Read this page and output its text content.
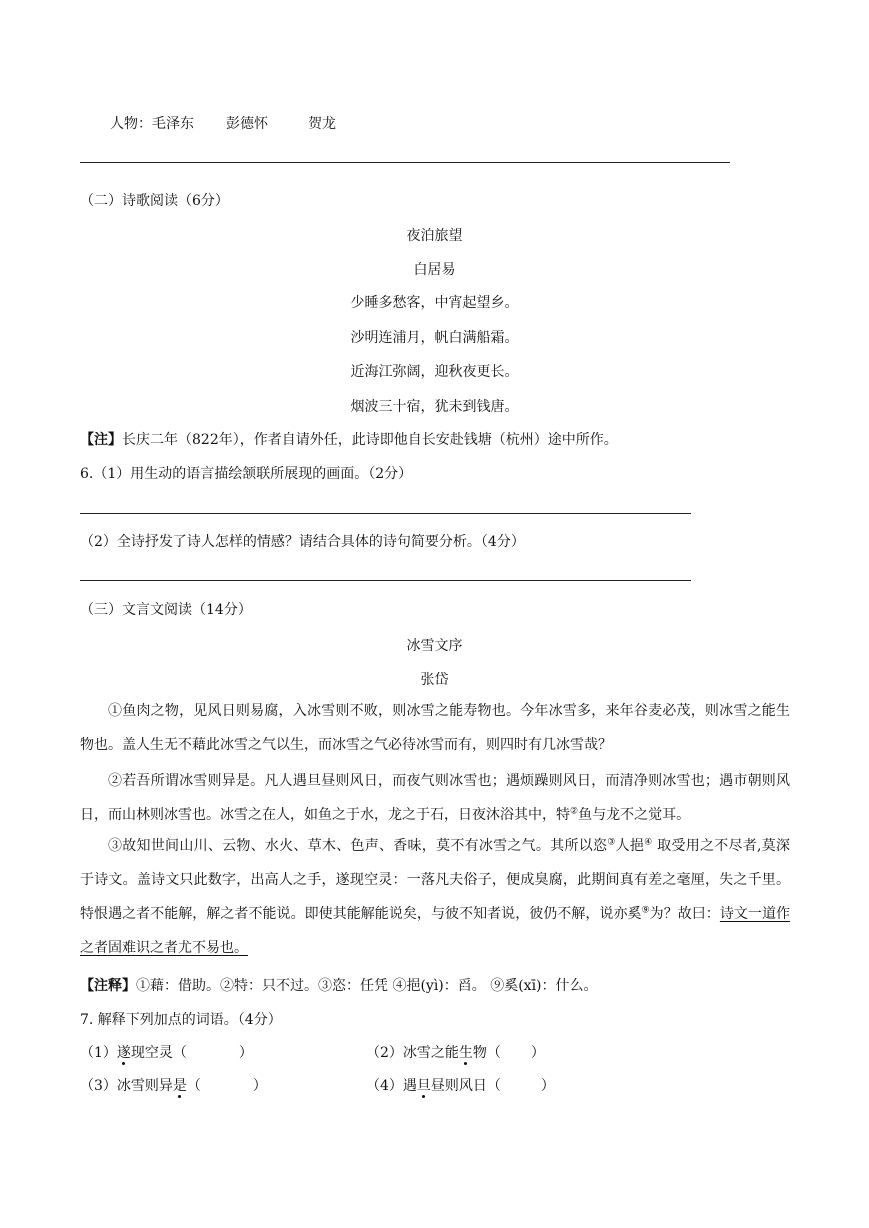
人物：毛泽东 彭德怀	贺龙
（二）诗歌阅读（6分）
夜泊旅望
白居易
少睡多愁客，中宵起望乡。
沙明连浦月，帆白满船霜。
近海江弥阔，迎秋夜更长。
烟波三十宿，犹未到钱唐。
【注】长庆二年（822年），作者自请外任，此诗即他自长安赴钱塘（杭州）途中所作。
6.（1）用生动的语言描绘颔联所展现的画面。（2分）
（2）全诗抒发了诗人怎样的情感？请结合具体的诗句简要分析。（4分）
（三）文言文阅读（14分）
冰雪文序
张岱
①鱼肉之物，见风日则易腐，入冰雪则不败，则冰雪之能寿物也。今年冰雪多，来年谷麦必茂，则冰雪之能生物也。盖人生无不藉此冰雪之气以生，而冰雪之气必待冰雪而有，则四时有几冰雪哉？
②若吾所谓冰雪则异是。凡人遇旦昼则风日，而夜气则冰雪也；遇烦躁则风日，而清净则冰雪也；遇市朝则风日，而山林则冰雪也。冰雪之在人，如鱼之于水，龙之于石，日夜沐浴其中，特②鱼与龙不之觉耳。
③故知世间山川、云物、水火、草木、色声、香味，莫不有冰雪之气。其所以恣③人挹④ 取受用之不尽者,莫深于诗文。盖诗文只此数字，出高人之手，遂现空灵：一落凡夫俗子，便成臭腐，此期间真有差之毫厘，失之千里。特恨遇之者不能解，解之者不能说。即使其能解能说矣，与彼不知者说，彼仍不解，说亦奚⑨为？故曰：诗文一道作之者固难识之者尤不易也。
【注释】①藉：借助。②特：只不过。③恣：任凭 ④挹(yì)：舀。 ⑨奚(xī)：什么。
7. 解释下列加点的词语。（4分）
（1）遂现空灵（	）	（2）冰雪之能生物（ ）
（3）冰雪则异是（	）	（4）遇旦昼则风日（	）
